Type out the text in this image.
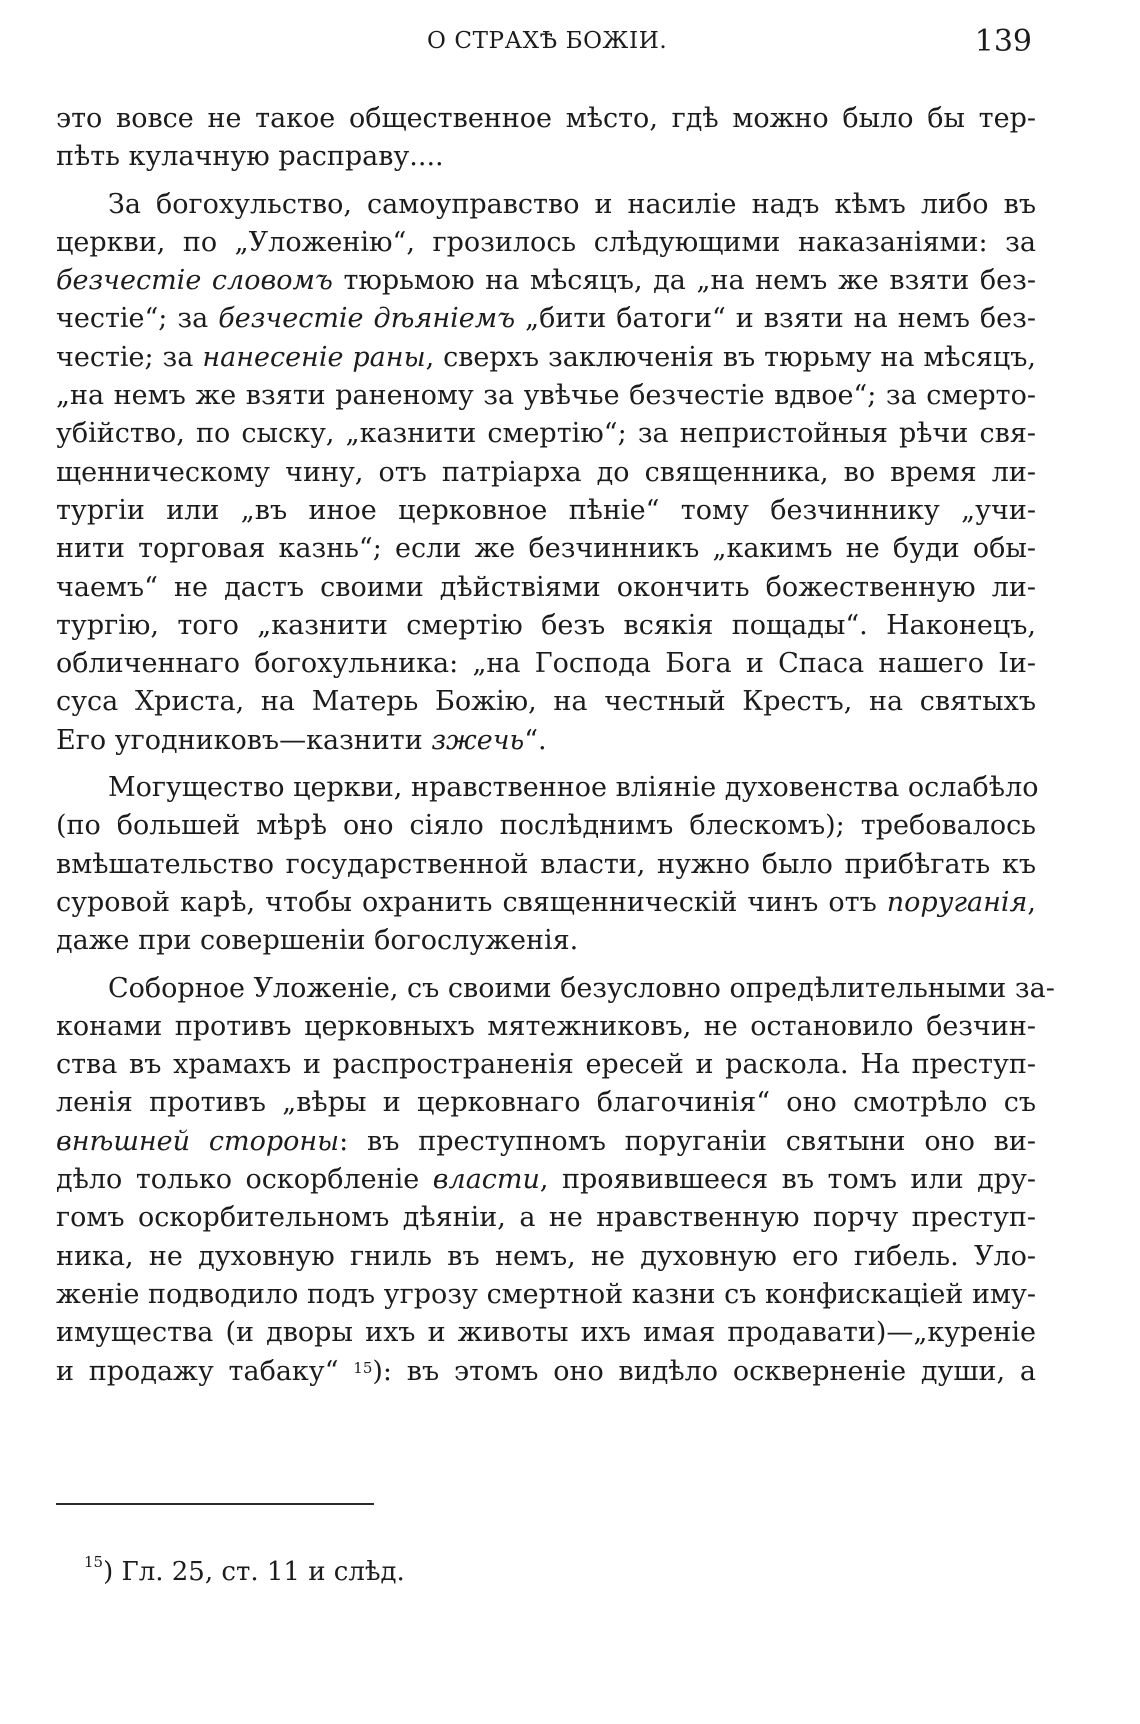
О СТРАХѢ БОЖІИ.	139
это вовсе не такое общественное мѣсто, гдѣ можно было бы тер-
пѣть кулачную расправу....
За богохульство, самоуправство и насиліе надъ кѣмъ либо въ
церкви, по „Уложенію“, грозилось слѣдующими наказаніями: за
безчестіе словомъ тюрьмою на мѣсяцъ, да „на немъ же взяти без-
честіе“; за безчестіе дѣяніемъ „бити батоги“ и взяти на немъ без-
честіе; за нанесеніе раны, сверхъ заключенія въ тюрьму на мѣсяцъ,
„на немъ же взяти раненому за увѣчье безчестіе вдвое“; за смерто-
убійство, по сыску, „казнити смертію“; за непристойныя рѣчи свя-
щенническому чину, отъ патріарха до священника, во время ли-
тургіи или „въ иное церковное пѣніе“ тому безчиннику „учи-
нити торговая казнь“; если же безчинникъ „какимъ не буди обы-
чаемъ“ не дастъ своими дѣйствіями окончить божественную ли-
тургію, того „казнити смертію безъ всякія пощады“. Наконецъ,
обличеннаго богохульника: „на Господа Бога и Спаса нашего Іи-
суса Христа, на Матерь Божію, на честный Крестъ, на святыхъ
Его угодниковъ—казнити зжечь“.
Могущество церкви, нравственное вліяніе духовенства ослабѣло
(по большей мѣрѣ оно сіяло послѣднимъ блескомъ); требовалось
вмѣшательство государственной власти, нужно было прибѣгать къ
суровой карѣ, чтобы охранить священническій чинъ отъ поруганія,
даже при совершеніи богослуженія.
Соборное Уложеніе, съ своими безусловно опредѣлительными за-
конами противъ церковныхъ мятежниковъ, не остановило безчин-
ства въ храмахъ и распространенія ересей и раскола. На преступ-
ленія противъ „вѣры и церковнаго благочинія“ оно смотрѣло съ
внѣшней стороны: въ преступномъ поруганіи святыни оно ви-
дѣло только оскорбленіе власти, проявившееся въ томъ или дру-
гомъ оскорбительномъ дѣяніи, а не нравственную порчу преступ-
ника, не духовную гниль въ немъ, не духовную его гибель. Уло-
женіе подводило подъ угрозу смертной казни съ конфискаціей иму-
имущества (и дворы ихъ и животы ихъ имая продавати)—„куреніе
и продажу табаку“ $^{15}$): въ этомъ оно видѣло оскверненіе души, а
$^{15}$) Гл. 25, ст. 11 и слѣд.
